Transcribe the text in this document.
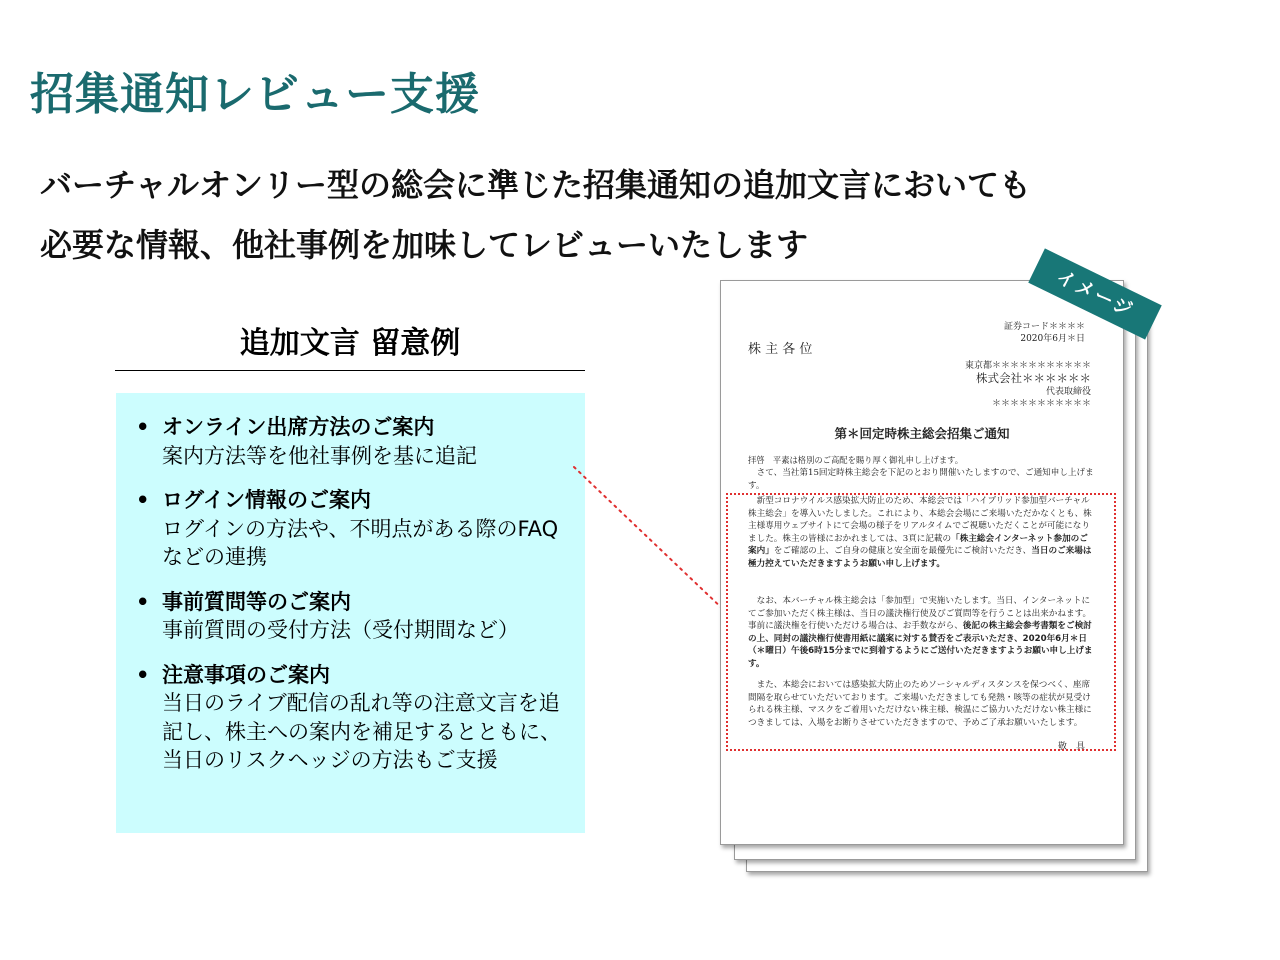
招集通知レビュー支援
バーチャルオンリー型の総会に準じた招集通知の追加文言においても
必要な情報、他社事例を加味してレビューいたします
追加文言 留意例
• オンライン出席方法のご案内
案内方法等を他社事例を基に追記
• ログイン情報のご案内
ログインの方法や、不明点がある際のFAQなどの連携
• 事前質問等のご案内
事前質問の受付方法（受付期間など）
• 注意事項のご案内
当日のライブ配信の乱れ等の注意文言を追記し、株主への案内を補足するとともに、当日のリスクヘッジの方法もご支援
証券コード＊＊＊＊
2020年6月＊日
株 主 各 位
東京都＊＊＊＊＊＊＊＊＊＊＊
株式会社＊＊＊＊＊＊
代表取締役
＊＊＊＊＊＊＊＊＊＊＊
第＊回定時株主総会招集ご通知
拝啓　平素は格別のご高配を賜り厚く御礼申し上げます。
　さて、当社第15回定時株主総会を下記のとおり開催いたしますので、ご通知申し上げます。
　新型コロナウイルス感染拡大防止のため、本総会では「ハイブリッド参加型バーチャル株主総会」を導入いたしました。これにより、本総会会場にご来場いただかなくとも、株主様専用ウェブサイトにて会場の様子をリアルタイムでご視聴いただくことが可能になりました。株主の皆様におかれましては、3頁に記載の「株主総会インターネット参加のご案内」をご確認の上、ご自身の健康と安全面を最優先にご検討いただき、当日のご来場は極力控えていただきますようお願い申し上げます。
　なお、本バーチャル株主総会は「参加型」で実施いたします。当日、インターネットにてご参加いただく株主様は、当日の議決権行使及びご質問等を行うことは出来かねます。事前に議決権を行使いただける場合は、お手数ながら、後記の株主総会参考書類をご検討の上、同封の議決権行使書用紙に議案に対する賛否をご表示いただき、2020年6月＊日（＊曜日）午後6時15分までに到着するようにご送付いただきますようお願い申し上げます。
　また、本総会においては感染拡大防止のためソーシャルディスタンスを保つべく、座席間隔を取らせていただいております。ご来場いただきましても発熱・咳等の症状が見受けられる株主様、マスクをご着用いただけない株主様、検温にご協力いただけない株主様につきましては、入場をお断りさせていただきますので、予めご了承お願いいたします。
敬　具
イメージ
